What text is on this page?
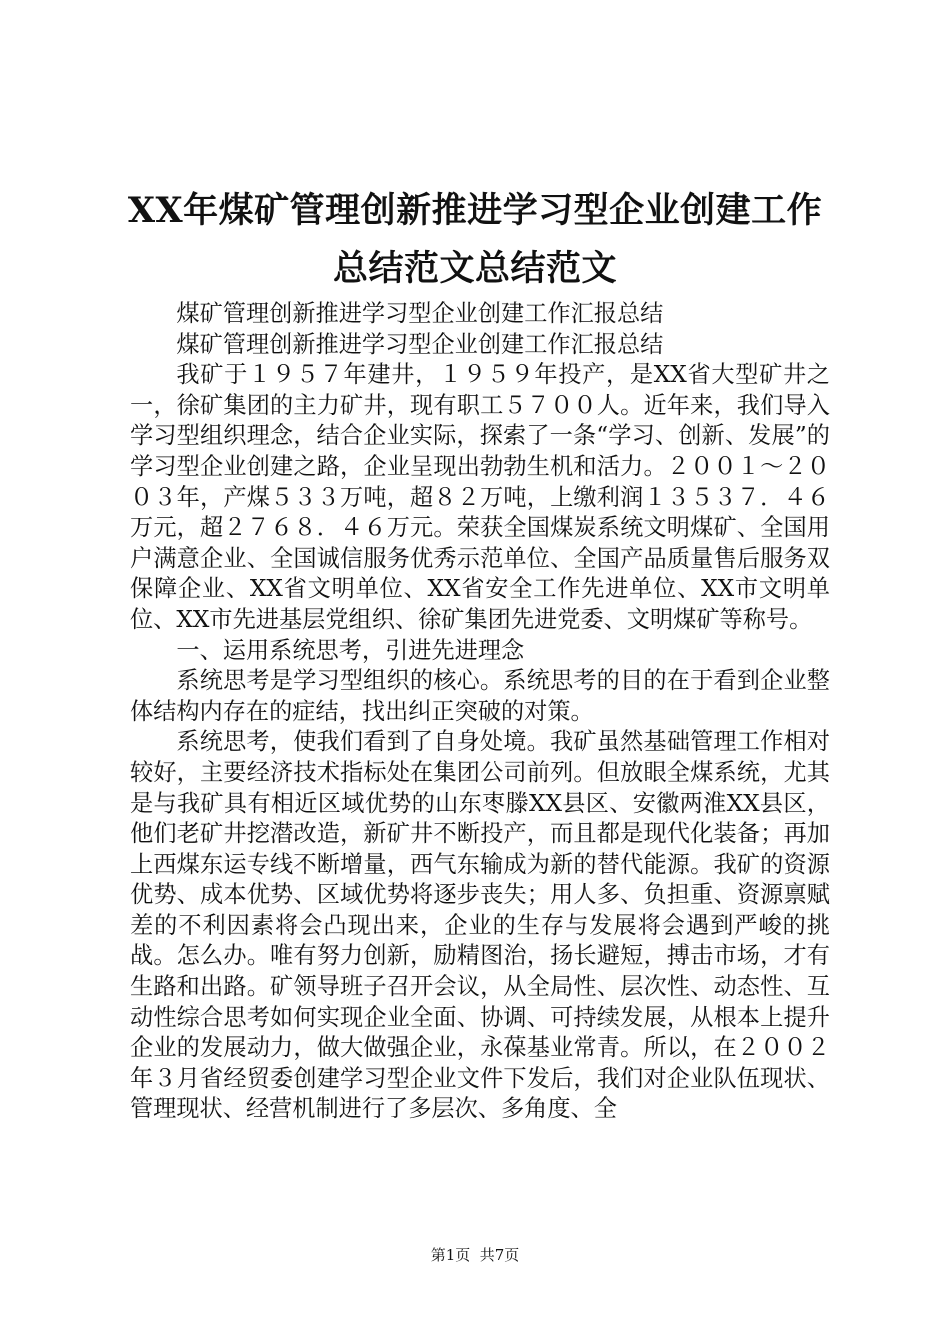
XX年煤矿管理创新推进学习型企业创建工作
总结范文总结范文

煤矿管理创新推进学习型企业创建工作汇报总结

煤矿管理创新推进学习型企业创建工作汇报总结

我矿于１９５７年建井，１９５９年投产，是XX省大型矿井之一，徐矿集团的主力矿井，现有职工５７００人。近年来，我们导入学习型组织理念，结合企业实际，探索了一条“学习、创新、发展”的学习型企业创建之路，企业呈现出勃勃生机和活力。２００１～２００３年，产煤５３３万吨，超８２万吨，上缴利润１３５３７．４６万元，超２７６８．４６万元。荣获全国煤炭系统文明煤矿、全国用户满意企业、全国诚信服务优秀示范单位、全国产品质量售后服务双保障企业、XX省文明单位、XX省安全工作先进单位、XX市文明单位、XX市先进基层党组织、徐矿集团先进党委、文明煤矿等称号。

一、运用系统思考，引进先进理念

系统思考是学习型组织的核心。系统思考的目的在于看到企业整体结构内存在的症结，找出纠正突破的对策。

系统思考，使我们看到了自身处境。我矿虽然基础管理工作相对较好，主要经济技术指标处在集团公司前列。但放眼全煤系统，尤其是与我矿具有相近区域优势的山东枣滕XX县区、安徽两淮XX县区，他们老矿井挖潜改造，新矿井不断投产，而且都是现代化装备；再加上西煤东运专线不断增量，西气东输成为新的替代能源。我矿的资源优势、成本优势、区域优势将逐步丧失；用人多、负担重、资源禀赋差的不利因素将会凸现出来，企业的生存与发展将会遇到严峻的挑战。怎么办。唯有努力创新，励精图治，扬长避短，搏击市场，才有生路和出路。矿领导班子召开会议，从全局性、层次性、动态性、互动性综合思考如何实现企业全面、协调、可持续发展，从根本上提升企业的发展动力，做大做强企业，永葆基业常青。所以，在２００２年３月省经贸委创建学习型企业文件下发后，我们对企业队伍现状、管理现状、经营机制进行了多层次、多角度、全

第1页  共7页
